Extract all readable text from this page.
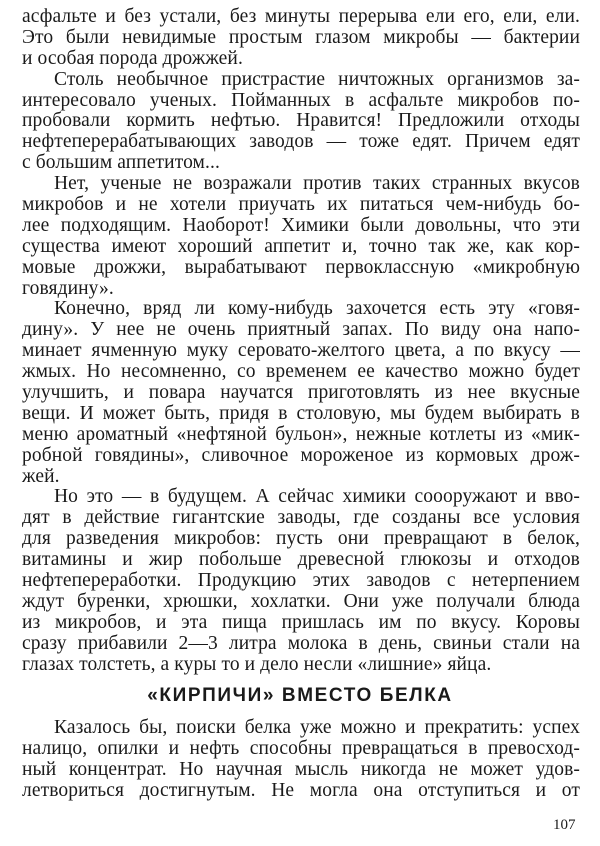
асфальте и без устали, без минуты перерыва ели его, ели, ели.
Это были невидимые простым глазом микробы — бактерии
и особая порода дрожжей.
Столь необычное пристрастие ничтожных организмов за-
интересовало ученых. Пойманных в асфальте микробов по-
пробовали кормить нефтью. Нравится! Предложили отходы
нефтеперерабатывающих заводов — тоже едят. Причем едят
с большим аппетитом...
Нет, ученые не возражали против таких странных вкусов
микробов и не хотели приучать их питаться чем-нибудь бо-
лее подходящим. Наоборот! Химики были довольны, что эти
существа имеют хороший аппетит и, точно так же, как кор-
мовые дрожжи, вырабатывают первоклассную «микробную
говядину».
Конечно, вряд ли кому-нибудь захочется есть эту «говя-
дину». У нее не очень приятный запах. По виду она напо-
минает ячменную муку серовато-желтого цвета, а по вкусу —
жмых. Но несомненно, со временем ее качество можно будет
улучшить, и повара научатся приготовлять из нее вкусные
вещи. И может быть, придя в столовую, мы будем выбирать в
меню ароматный «нефтяной бульон», нежные котлеты из «мик-
робной говядины», сливочное мороженое из кормовых дрож-
жей.
Но это — в будущем. А сейчас химики соооружают и вво-
дят в действие гигантские заводы, где созданы все условия
для разведения микробов: пусть они превращают в белок,
витамины и жир побольше древесной глюкозы и отходов
нефтепереработки. Продукцию этих заводов с нетерпением
ждут буренки, хрюшки, хохлатки. Они уже получали блюда
из микробов, и эта пища пришлась им по вкусу. Коровы
сразу прибавили 2—3 литра молока в день, свиньи стали на
глазах толстеть, а куры то и дело несли «лишние» яйца.
«КИРПИЧИ» ВМЕСТО БЕЛКА
Казалось бы, поиски белка уже можно и прекратить: успех
налицо, опилки и нефть способны превращаться в превосход-
ный концентрат. Но научная мысль никогда не может удов-
летвориться достигнутым. Не могла она отступиться и от
107
